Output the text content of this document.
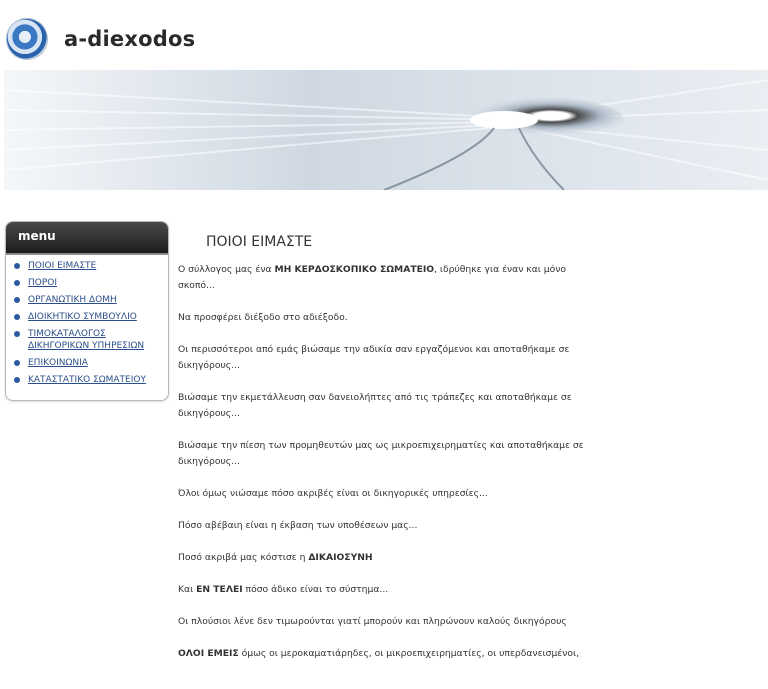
a-diexodos
menu
ΠΟΙΟΙ ΕΙΜΑΣΤΕ
ΠΟΡΟΙ
ΟΡΓΑΝΩΤΙΚΗ ΔΟΜΗ
ΔΙΟΙΚΗΤΙΚΟ ΣΥΜΒΟΥΛΙΟ
ΤΙΜΟΚΑΤΑΛΟΓΟΣ ΔΙΚΗΓΟΡΙΚΩΝ ΥΠΗΡΕΣΙΩΝ
ΕΠΙΚΟΙΝΩΝΙΑ
ΚΑΤΑΣΤΑΤΙΚΟ ΣΩΜΑΤΕΙΟΥ
ΠΟΙΟΙ ΕΙΜΑΣΤΕ

Ο σύλλογος μας ένα ΜΗ ΚΕΡΔΟΣΚΟΠΙΚΟ ΣΩΜΑΤΕΙΟ, ιδρύθηκε για έναν και μόνο σκοπό...

Να προσφέρει διέξοδο στο αδιέξοδο.

Οι περισσότεροι από εμάς βιώσαμε την αδικία σαν εργαζόμενοι και αποταθήκαμε σε δικηγόρους...

Βιώσαμε την εκμετάλλευση σαν δανειολήπτες από τις τράπεζες και αποταθήκαμε σε δικηγόρους...

Βιώσαμε την πίεση των προμηθευτών μας ως μικροεπιχειρηματίες και αποταθήκαμε σε δικηγόρους...

Όλοι όμως νιώσαμε πόσο ακριβές είναι οι δικηγορικές υπηρεσίες...

Πόσο αβέβαιη είναι η έκβαση των υποθέσεων μας...

Ποσό ακριβά μας κόστισε η ΔΙΚΑΙΟΣΥΝΗ

Και ΕΝ ΤΕΛΕΙ πόσο άδικο είναι το σύστημα...

Οι πλούσιοι λένε δεν τιμωρούνται γιατί μπορούν και πληρώνουν καλούς δικηγόρους

ΟΛΟΙ ΕΜΕΙΣ όμως οι μεροκαματιάρηδες, οι μικροεπιχειρηματίες, οι υπερδανεισμένοι,
